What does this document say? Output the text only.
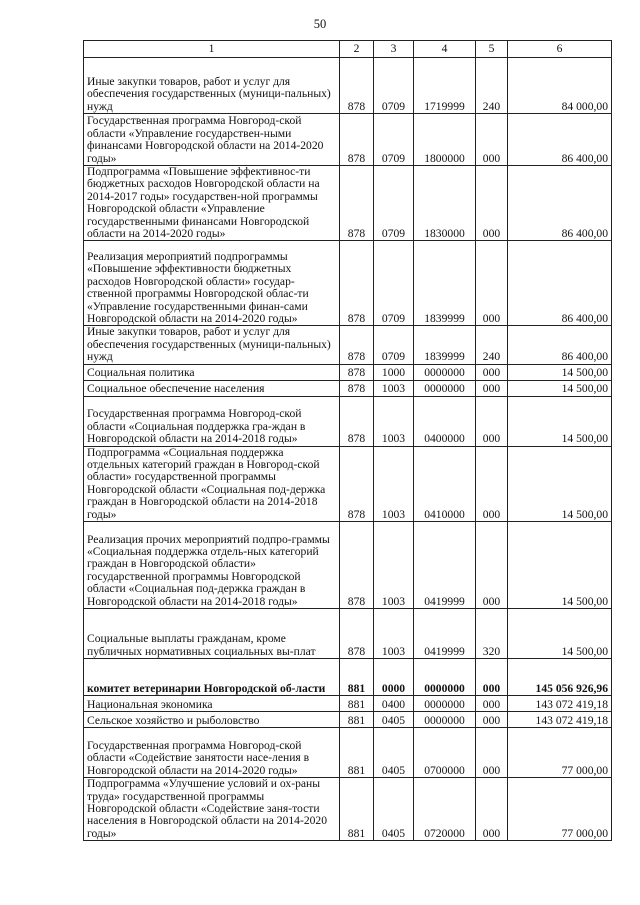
50
1	2	3	4	5	6
Иные закупки товаров, работ и услуг для обеспечения государственных (муници-пальных) нужд	878	0709	1719999	240	84 000,00
Государственная программа Новгород-ской области «Управление государствен-ными финансами Новгородской области на 2014-2020 годы»	878	0709	1800000	000	86 400,00
Подпрограмма «Повышение эффективнос-ти бюджетных расходов Новгородской области на 2014-2017 годы» государствен-ной программы Новгородской области «Управление государственными финансами Новгородской области на 2014-2020 годы»	878	0709	1830000	000	86 400,00
Реализация мероприятий подпрограммы «Повышение эффективности бюджетных расходов Новгородской области» государ-ственной программы Новгородской облас-ти «Управление государственными финан-сами Новгородской области на 2014-2020 годы»	878	0709	1839999	000	86 400,00
Иные закупки товаров, работ и услуг для обеспечения государственных (муници-пальных) нужд	878	0709	1839999	240	86 400,00
Социальная политика	878	1000	0000000	000	14 500,00
Социальное обеспечение населения	878	1003	0000000	000	14 500,00
Государственная программа Новгород-ской области «Социальная поддержка гра-ждан в Новгородской области на 2014-2018 годы»	878	1003	0400000	000	14 500,00
Подпрограмма «Социальная поддержка отдельных категорий граждан в Новгород-ской области» государственной программы Новгородской области «Социальная под-держка граждан в Новгородской области на 2014-2018 годы»	878	1003	0410000	000	14 500,00
Реализация прочих мероприятий подпро-граммы «Социальная поддержка отдель-ных категорий граждан в Новгородской области» государственной программы Новгородской области «Социальная под-держка граждан в Новгородской области на 2014-2018 годы»	878	1003	0419999	000	14 500,00
Социальные выплаты гражданам, кроме публичных нормативных социальных вы-плат	878	1003	0419999	320	14 500,00
комитет ветеринарии Новгородской об-ласти	881	0000	0000000	000	145 056 926,96
Национальная экономика	881	0400	0000000	000	143 072 419,18
Сельское хозяйство и рыболовство	881	0405	0000000	000	143 072 419,18
Государственная программа Новгород-ской области «Содействие занятости насе-ления в Новгородской области на 2014-2020 годы»	881	0405	0700000	000	77 000,00
Подпрограмма «Улучшение условий и ох-раны труда» государственной программы Новгородской области «Содействие заня-тости населения в Новгородской области на 2014-2020 годы»	881	0405	0720000	000	77 000,00
